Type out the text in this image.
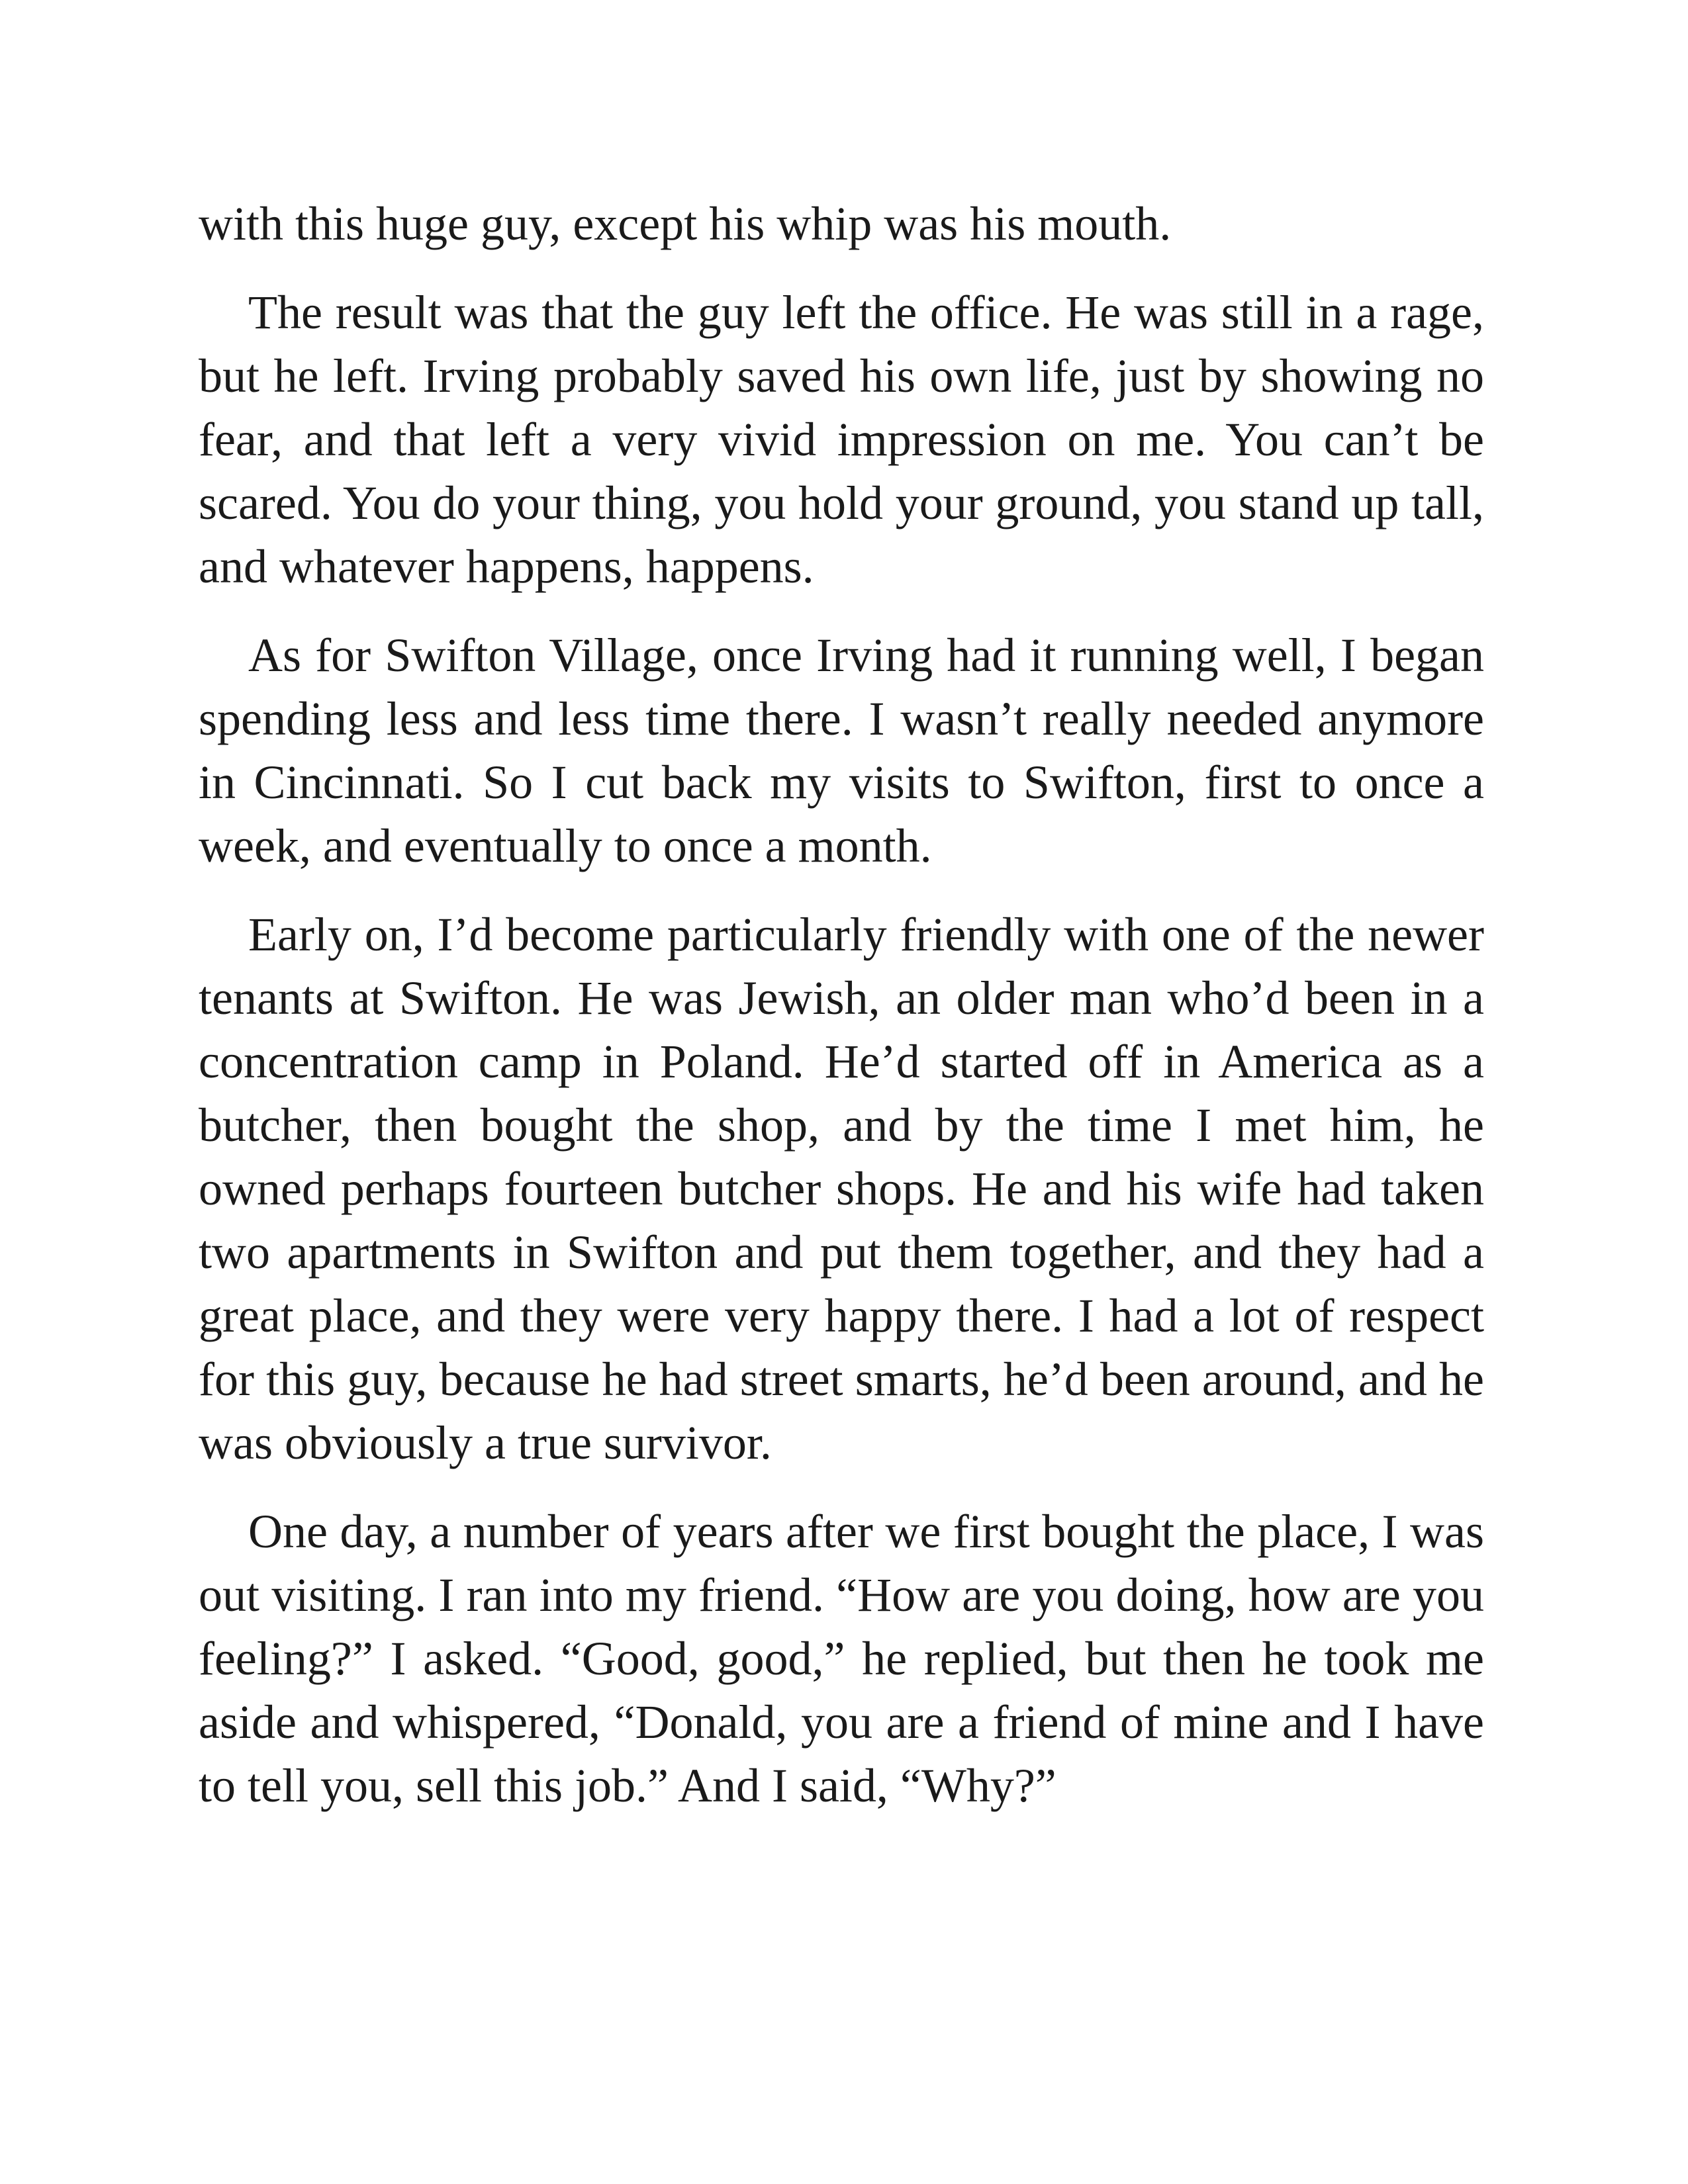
with this huge guy, except his whip was his mouth.

The result was that the guy left the office. He was still in a rage, but he left. Irving probably saved his own life, just by showing no fear, and that left a very vivid impression on me. You can’t be scared. You do your thing, you hold your ground, you stand up tall, and whatever happens, happens.

As for Swifton Village, once Irving had it running well, I began spending less and less time there. I wasn’t really needed anymore in Cincinnati. So I cut back my visits to Swifton, first to once a week, and eventually to once a month.

Early on, I’d become particularly friendly with one of the newer tenants at Swifton. He was Jewish, an older man who’d been in a concentration camp in Poland. He’d started off in America as a butcher, then bought the shop, and by the time I met him, he owned perhaps fourteen butcher shops. He and his wife had taken two apartments in Swifton and put them together, and they had a great place, and they were very happy there. I had a lot of respect for this guy, because he had street smarts, he’d been around, and he was obviously a true survivor.

One day, a number of years after we first bought the place, I was out visiting. I ran into my friend. “How are you doing, how are you feeling?” I asked. “Good, good,” he replied, but then he took me aside and whispered, “Donald, you are a friend of mine and I have to tell you, sell this job.” And I said, “Why?”
